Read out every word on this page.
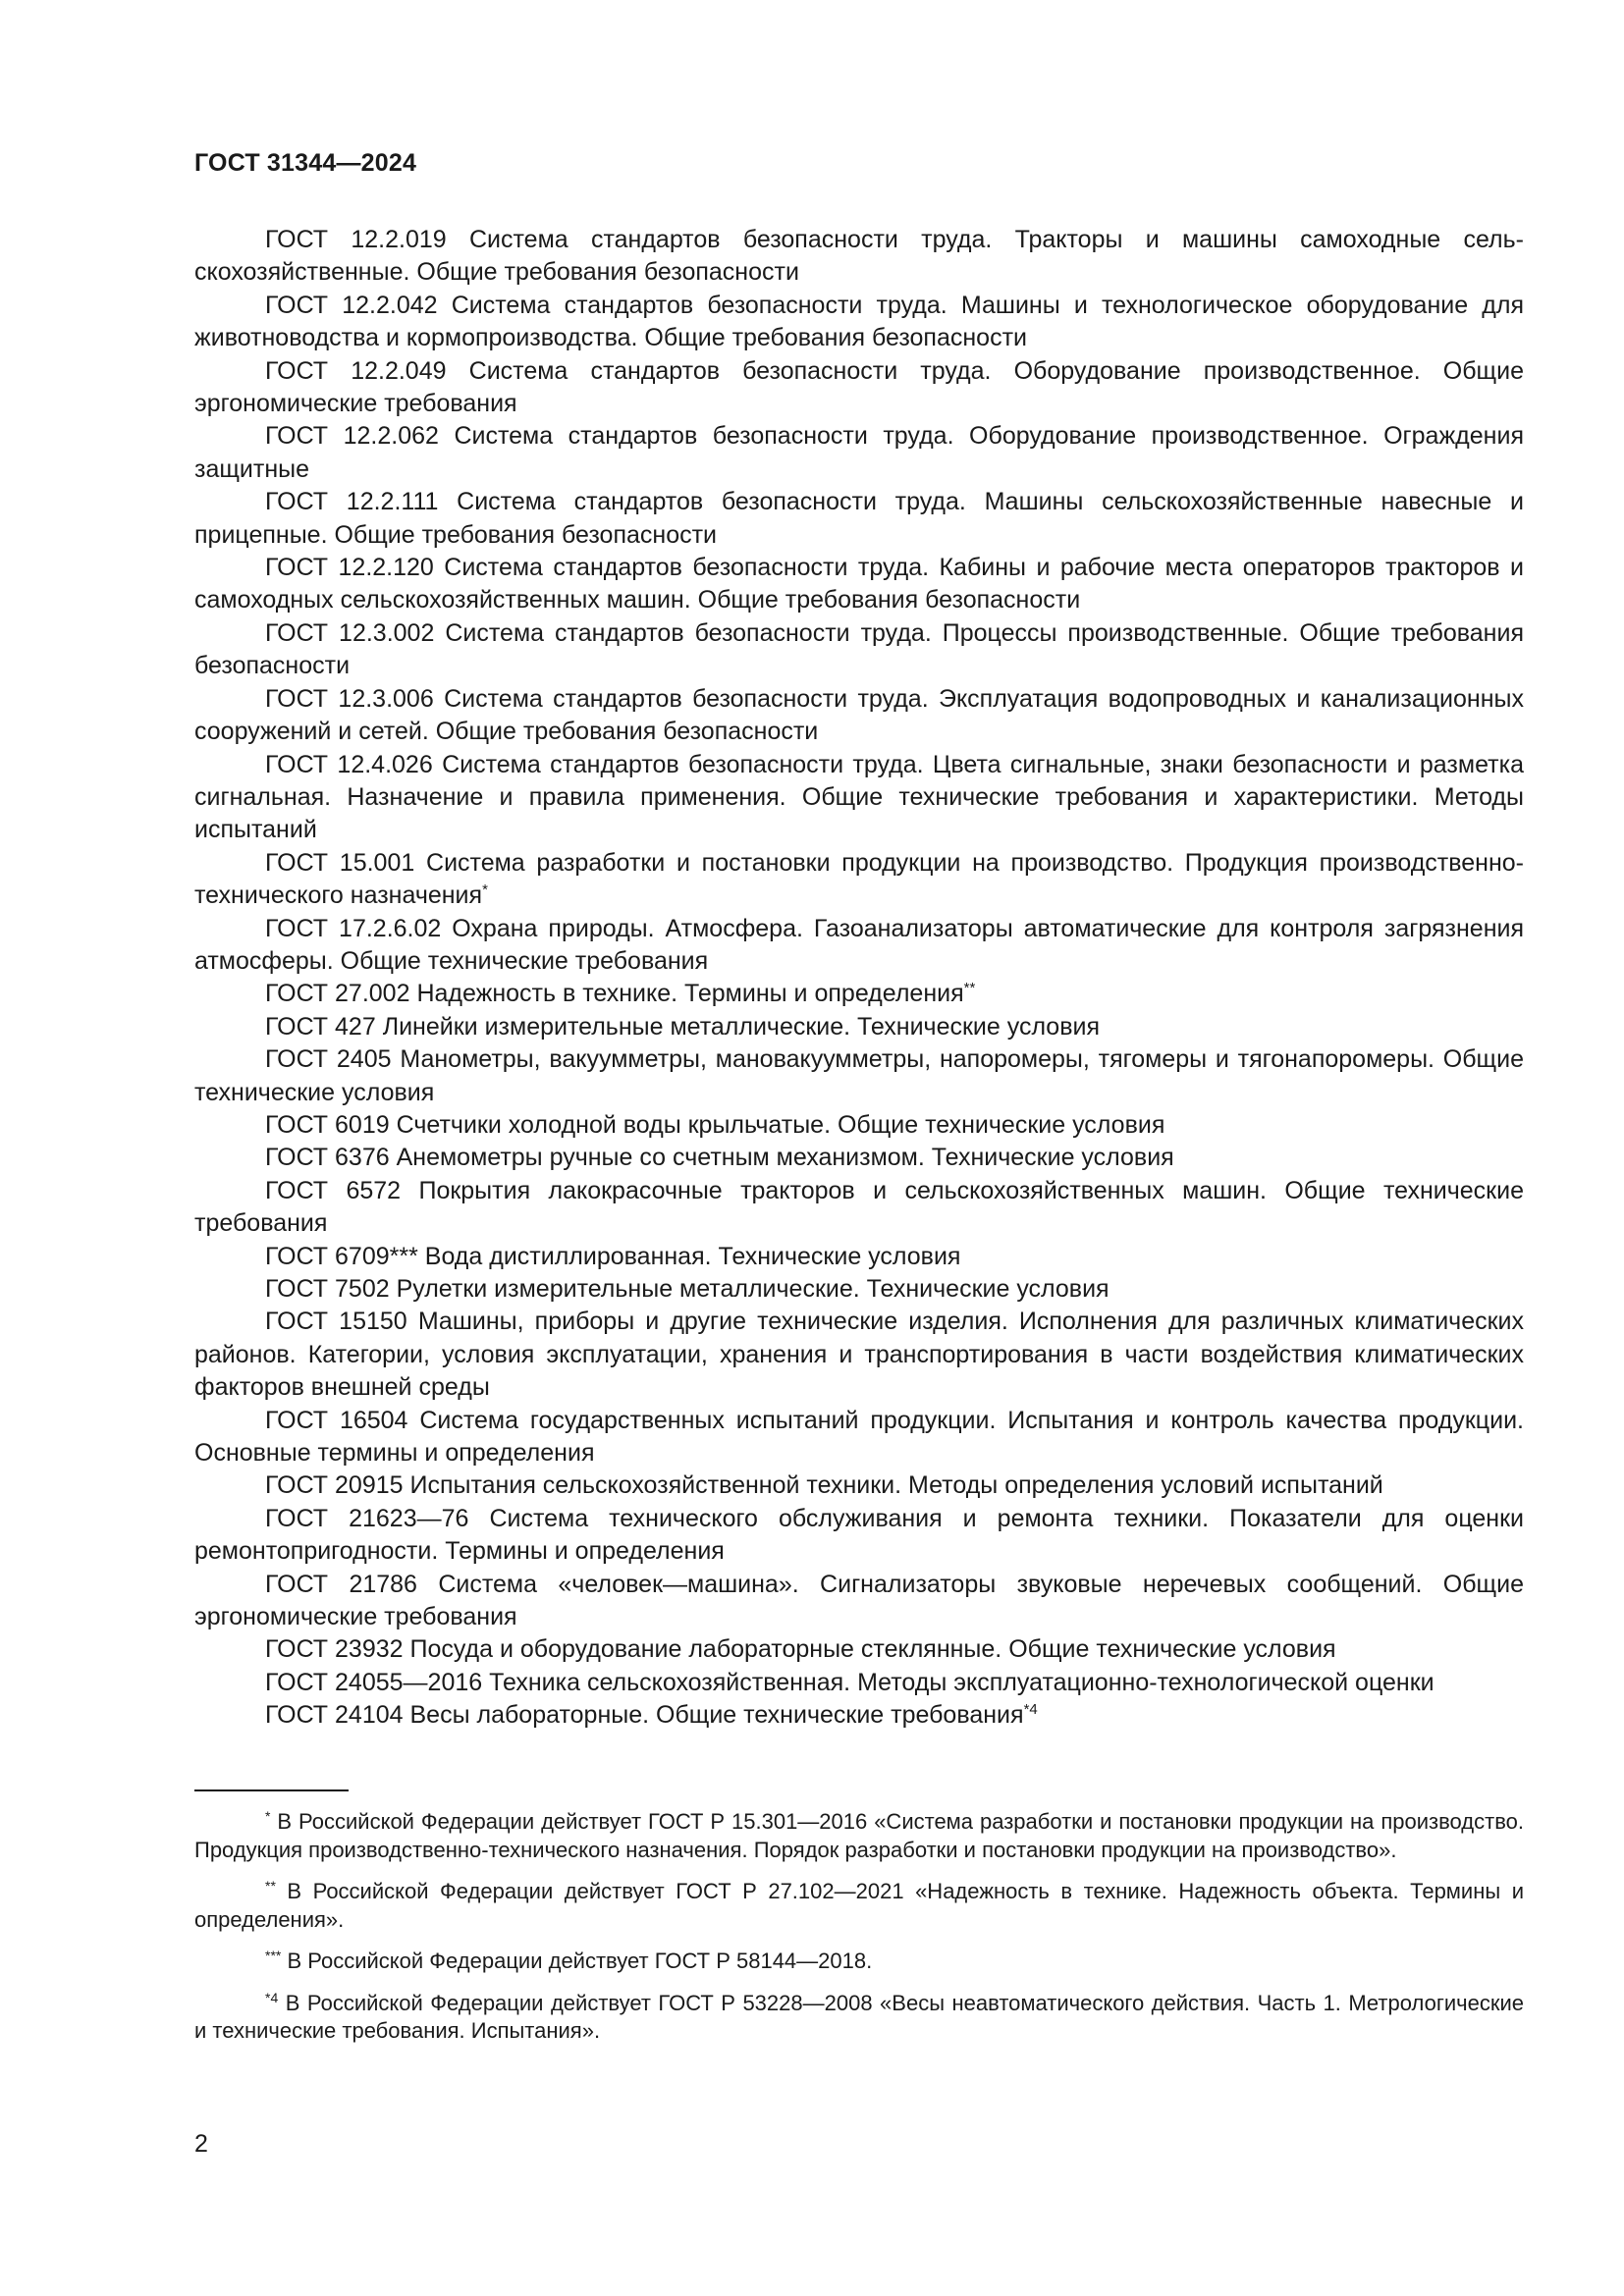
ГОСТ 31344—2024

ГОСТ 12.2.019 Система стандартов безопасности труда. Тракторы и машины самоходные сельскохозяйственные. Общие требования безопасности

ГОСТ 12.2.042 Система стандартов безопасности труда. Машины и технологическое оборудование для животноводства и кормопроизводства. Общие требования безопасности

ГОСТ 12.2.049 Система стандартов безопасности труда. Оборудование производственное. Общие эргономические требования

ГОСТ 12.2.062 Система стандартов безопасности труда. Оборудование производственное. Ограждения защитные

ГОСТ 12.2.111 Система стандартов безопасности труда. Машины сельскохозяйственные навесные и прицепные. Общие требования безопасности

ГОСТ 12.2.120 Система стандартов безопасности труда. Кабины и рабочие места операторов тракторов и самоходных сельскохозяйственных машин. Общие требования безопасности

ГОСТ 12.3.002 Система стандартов безопасности труда. Процессы производственные. Общие требования безопасности

ГОСТ 12.3.006 Система стандартов безопасности труда. Эксплуатация водопроводных и канализационных сооружений и сетей. Общие требования безопасности

ГОСТ 12.4.026 Система стандартов безопасности труда. Цвета сигнальные, знаки безопасности и разметка сигнальная. Назначение и правила применения. Общие технические требования и характеристики. Методы испытаний

ГОСТ 15.001 Система разработки и постановки продукции на производство. Продукция производственно-технического назначения*

ГОСТ 17.2.6.02 Охрана природы. Атмосфера. Газоанализаторы автоматические для контроля загрязнения атмосферы. Общие технические требования

ГОСТ 27.002 Надежность в технике. Термины и определения**

ГОСТ 427 Линейки измерительные металлические. Технические условия

ГОСТ 2405 Манометры, вакуумметры, мановакуумметры, напоромеры, тягомеры и тягонапоромеры. Общие технические условия

ГОСТ 6019 Счетчики холодной воды крыльчатые. Общие технические условия

ГОСТ 6376 Анемометры ручные со счетным механизмом. Технические условия

ГОСТ 6572 Покрытия лакокрасочные тракторов и сельскохозяйственных машин. Общие технические требования

ГОСТ 6709*** Вода дистиллированная. Технические условия

ГОСТ 7502 Рулетки измерительные металлические. Технические условия

ГОСТ 15150 Машины, приборы и другие технические изделия. Исполнения для различных климатических районов. Категории, условия эксплуатации, хранения и транспортирования в части воздействия климатических факторов внешней среды

ГОСТ 16504 Система государственных испытаний продукции. Испытания и контроль качества продукции. Основные термины и определения

ГОСТ 20915 Испытания сельскохозяйственной техники. Методы определения условий испытаний

ГОСТ 21623—76 Система технического обслуживания и ремонта техники. Показатели для оценки ремонтопригодности. Термины и определения

ГОСТ 21786 Система «человек—машина». Сигнализаторы звуковые неречевых сообщений. Общие эргономические требования

ГОСТ 23932 Посуда и оборудование лабораторные стеклянные. Общие технические условия

ГОСТ 24055—2016 Техника сельскохозяйственная. Методы эксплуатационно-технологической оценки

ГОСТ 24104 Весы лабораторные. Общие технические требования$^{*4}$

* В Российской Федерации действует ГОСТ Р 15.301—2016 «Система разработки и постановки продукции на производство. Продукция производственно-технического назначения. Порядок разработки и постановки продукции на производство».

** В Российской Федерации действует ГОСТ Р 27.102—2021 «Надежность в технике. Надежность объекта. Термины и определения».

*** В Российской Федерации действует ГОСТ Р 58144—2018.

$^{*4}$ В Российской Федерации действует ГОСТ Р 53228—2008 «Весы неавтоматического действия. Часть 1. Метрологические и технические требования. Испытания».

2
